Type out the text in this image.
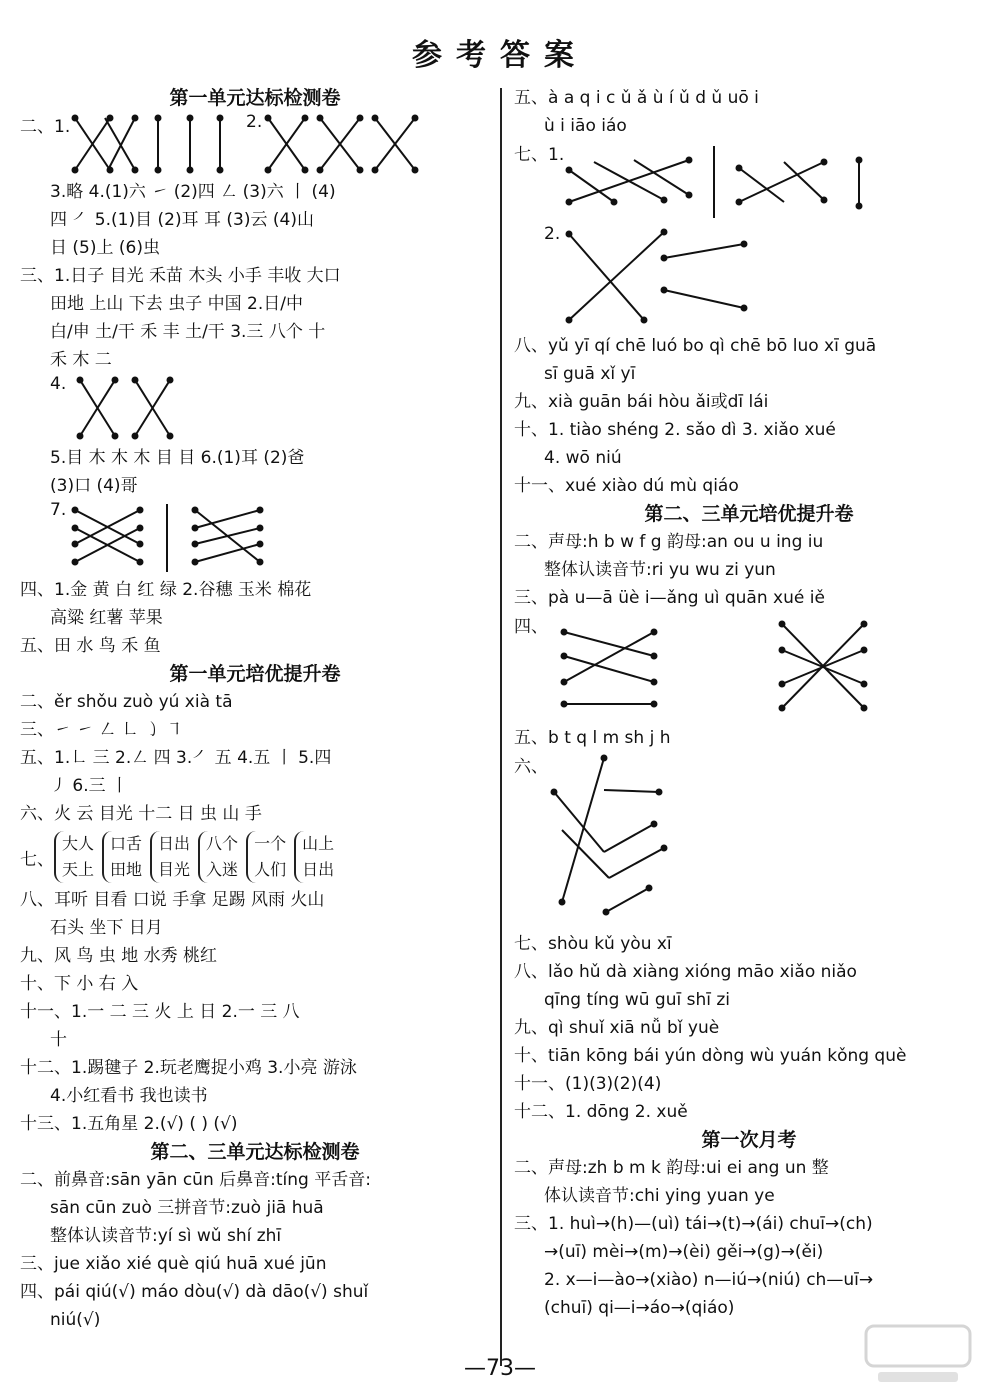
参考答案
第一单元达标检测卷
二、1.	2.
3.略 4.(1)六 ㇀ (2)四 ㇜ (3)六 丨 (4)
四 ㇒ 5.(1)目 (2)耳 耳 (3)云 (4)山
日 (5)上 (6)虫
三、1.日子 目光 禾苗 木头 小手 丰收 大口
田地 上山 下去 虫子 中国 2.日/中
白/申 土/干 禾 丰 土/干 3.三 八个 十
禾 木 二
4.
5.目 木 木 木 目 目 6.(1)耳 (2)爸
(3)口 (4)哥
7.
四、1.金 黄 白 红 绿 2.谷穗 玉米 棉花
高粱 红薯 苹果
五、田 水 鸟 禾 鱼
第一单元培优提升卷
二、ěr shǒu zuò yú xià tā
三、㇀ ㇀ ㇜ ㇗ ㇁ ㇕
五、1.㇗ 三 2.㇜ 四 3.㇒ 五 4.五 丨 5.四
㇓ 6.三 丨
六、火 云 目光 十二 日 虫 山 手
七、
大人
天上
口舌
田地
日出
目光
八个
入迷
一个
人们
山上
日出
八、耳听 目看 口说 手拿 足踢 风雨 火山
石头 坐下 日月
九、风 鸟 虫 地 水秀 桃红
十、下 小 右 入
十一、1.一 二 三 火 上 日 2.一 三 八
十
十二、1.踢毽子 2.玩老鹰捉小鸡 3.小亮 游泳
4.小红看书 我也读书
十三、1.五角星 2.(√) ( ) (√)
第二、三单元达标检测卷
二、前鼻音:sān yān cūn 后鼻音:tíng 平舌音:
sān cūn zuò 三拼音节:zuò jiā huā
整体认读音节:yí sì wǔ shí zhī
三、jue xiǎo xié què qiú huā xué jūn
四、pái qiú(√) máo dòu(√) dà dāo(√) shuǐ
niú(√)
五、à a q i c ǔ ǎ ù í ǔ d ǔ uō i
ù i iāo iáo
七、1.
2.
八、yǔ yī qí chē luó bo qì chē bō luo xī guā
sī guā xǐ yī
九、xià guān bái hòu ǎi或dī lái
十、1. tiào shéng 2. sǎo dì 3. xiǎo xué
4. wō niú
十一、xué xiào dú mù qiáo
第二、三单元培优提升卷
二、声母:h b w f g 韵母:an ou u ing iu
整体认读音节:ri yu wu zi yun
三、pà u—ā üè i—ǎng uì quān xué iě
四、
五、b t q l m sh j h
六、
七、shòu kǔ yòu xī
八、lǎo hǔ dà xiàng xióng māo xiǎo niǎo
qīng tíng wū guī shī zi
九、qì shuǐ xiā nǚ bǐ yuè
十、tiān kōng bái yún dòng wù yuán kǒng què
十一、(1)(3)(2)(4)
十二、1. dōng 2. xuě
第一次月考
二、声母:zh b m k 韵母:ui ei ang un 整
体认读音节:chi ying yuan ye
三、1. huì→(h)—(uì) tái→(t)→(ái) chuī→(ch)
→(uī) mèi→(m)→(èi) gěi→(g)→(ěi)
2. x—i—ào→(xiào) n—iú→(niú) ch—uī→
(chuī) qi—i→áo→(qiáo)
—73—
